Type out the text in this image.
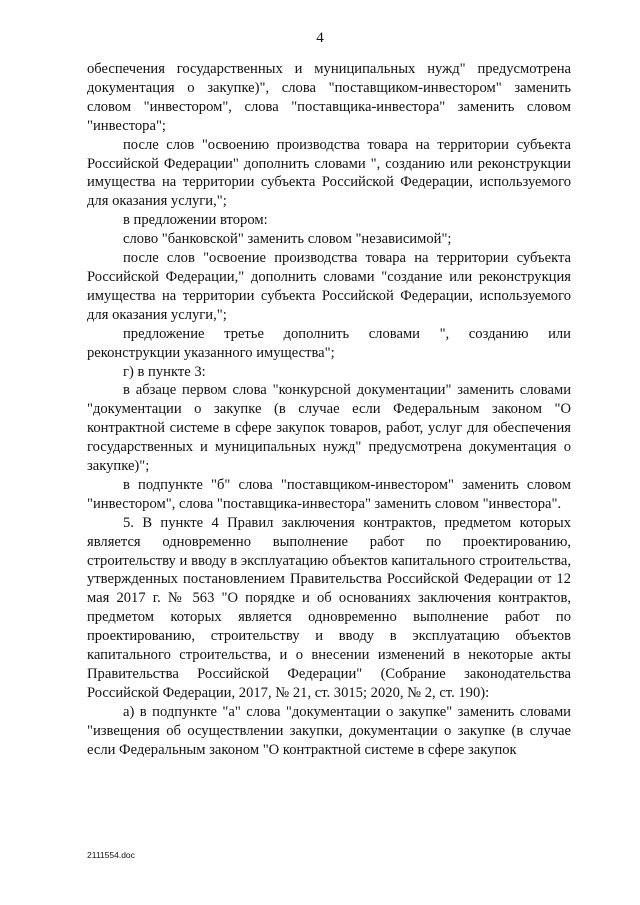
4

обеспечения государственных и муниципальных нужд" предусмотрена документация о закупке)", слова "поставщиком-инвестором" заменить словом "инвестором", слова "поставщика-инвестора" заменить словом "инвестора";

после слов "освоению производства товара на территории субъекта Российской Федерации" дополнить словами ", созданию или реконструкции имущества на территории субъекта Российской Федерации, используемого для оказания услуги,";

в предложении втором:

слово "банковской" заменить словом "независимой";

после слов "освоение производства товара на территории субъекта Российской Федерации," дополнить словами "создание или реконструкция имущества на территории субъекта Российской Федерации, используемого для оказания услуги,";

предложение третье дополнить словами ", созданию или реконструкции указанного имущества";

г) в пункте 3:

в абзаце первом слова "конкурсной документации" заменить словами "документации о закупке (в случае если Федеральным законом "О контрактной системе в сфере закупок товаров, работ, услуг для обеспечения государственных и муниципальных нужд" предусмотрена документация о закупке)";

в подпункте "б" слова "поставщиком-инвестором" заменить словом "инвестором", слова "поставщика-инвестора" заменить словом "инвестора".

5. В пункте 4 Правил заключения контрактов, предметом которых является одновременно выполнение работ по проектированию, строительству и вводу в эксплуатацию объектов капитального строительства, утвержденных постановлением Правительства Российской Федерации от 12 мая 2017 г. № 563 "О порядке и об основаниях заключения контрактов, предметом которых является одновременно выполнение работ по проектированию, строительству и вводу в эксплуатацию объектов капитального строительства, и о внесении изменений в некоторые акты Правительства Российской Федерации" (Собрание законодательства Российской Федерации, 2017, № 21, ст. 3015; 2020, № 2, ст. 190):

а) в подпункте "а" слова "документации о закупке" заменить словами "извещения об осуществлении закупки, документации о закупке (в случае если Федеральным законом "О контрактной системе в сфере закупок

2111554.doc
